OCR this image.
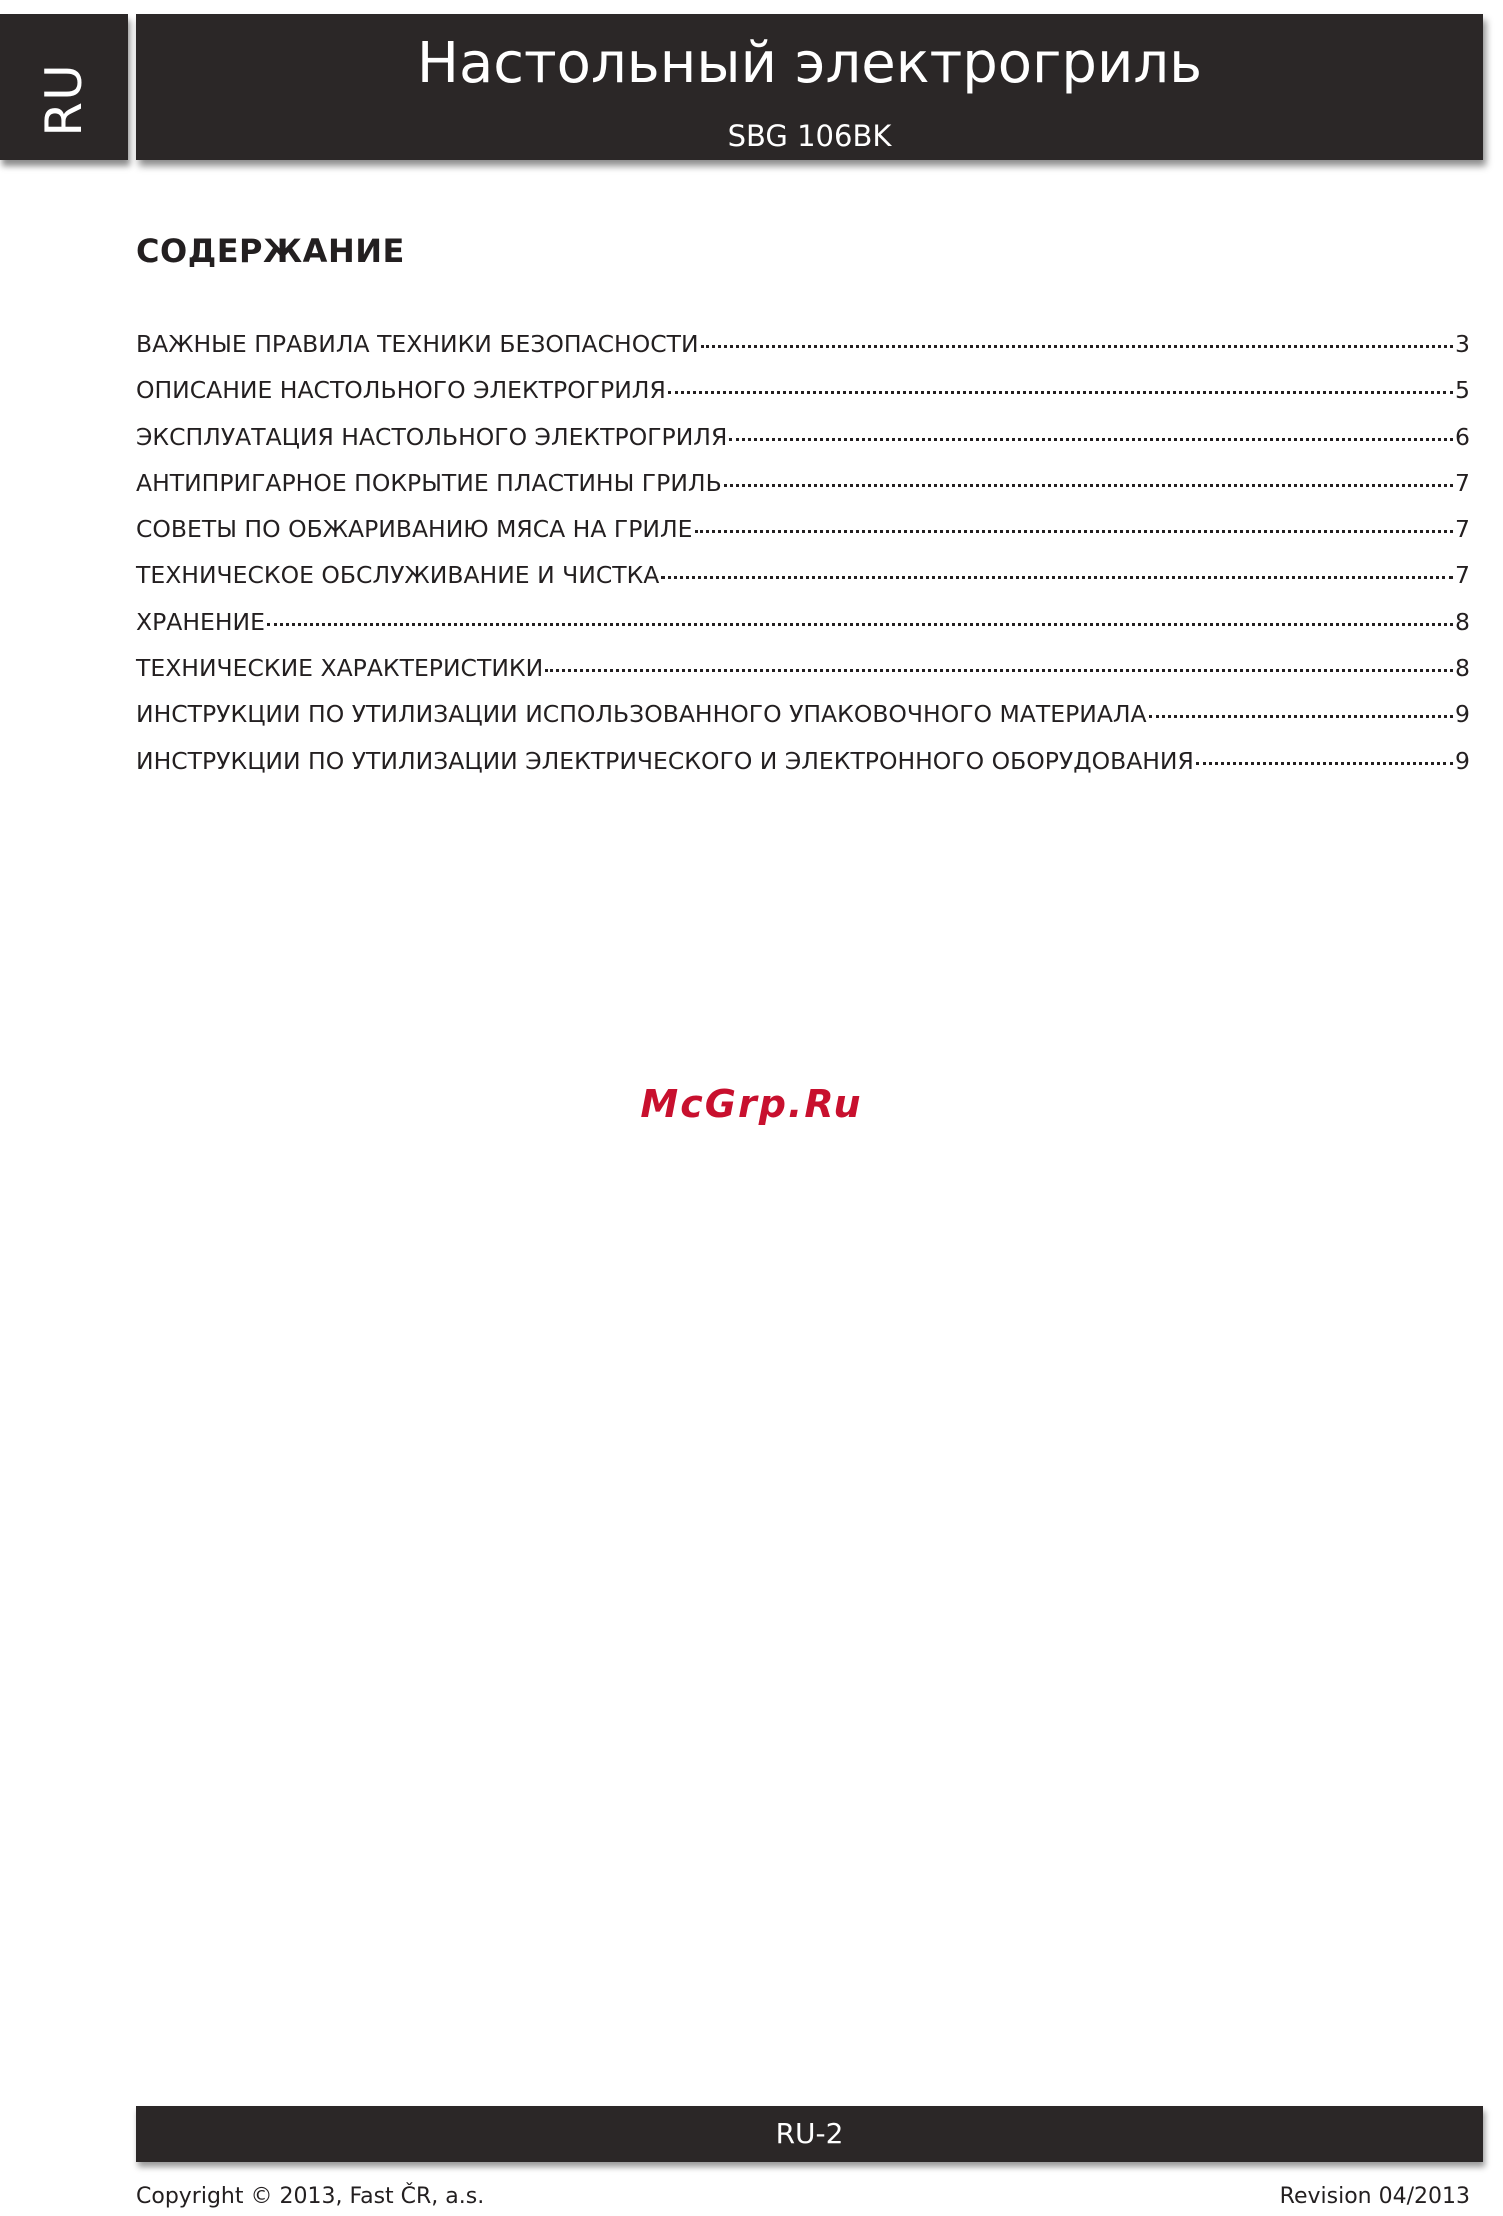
RU	Настольный электрогриль
SBG 106BK
СОДЕРЖАНИЕ
ВАЖНЫЕ ПРАВИЛА ТЕХНИКИ БЕЗОПАСНОСТИ	3
ОПИСАНИЕ НАСТОЛЬНОГО ЭЛЕКТРОГРИЛЯ	5
ЭКСПЛУАТАЦИЯ НАСТОЛЬНОГО ЭЛЕКТРОГРИЛЯ	6
АНТИПРИГАРНОЕ ПОКРЫТИЕ ПЛАСТИНЫ ГРИЛЬ	7
СОВЕТЫ ПО ОБЖАРИВАНИЮ МЯСА НА ГРИЛЕ	7
ТЕХНИЧЕСКОЕ ОБСЛУЖИВАНИЕ И ЧИСТКА	7
ХРАНЕНИЕ	8
ТЕХНИЧЕСКИЕ ХАРАКТЕРИСТИКИ	8
ИНСТРУКЦИИ ПО УТИЛИЗАЦИИ ИСПОЛЬЗОВАННОГО УПАКОВОЧНОГО МАТЕРИАЛА	9
ИНСТРУКЦИИ ПО УТИЛИЗАЦИИ ЭЛЕКТРИЧЕСКОГО И ЭЛЕКТРОННОГО ОБОРУДОВАНИЯ	9
McGrp.Ru
RU-2
Copyright © 2013, Fast ČR, a.s.	Revision 04/2013
